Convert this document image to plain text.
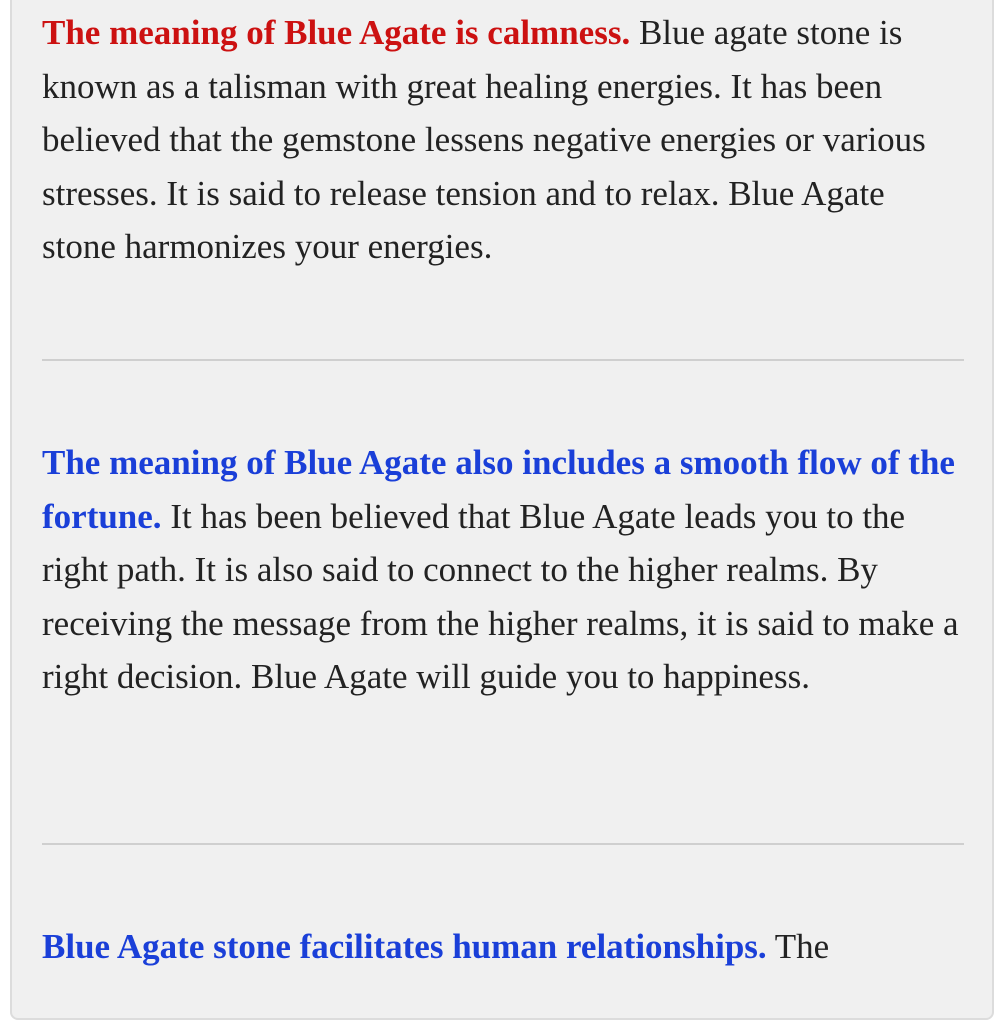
The meaning of Blue Agate is calmness. Blue agate stone is known as a talisman with great healing energies. It has been believed that the gemstone lessens negative energies or various stresses. It is said to release tension and to relax. Blue Agate stone harmonizes your energies.

The meaning of Blue Agate also includes a smooth flow of the fortune. It has been believed that Blue Agate leads you to the right path. It is also said to connect to the higher realms. By receiving the message from the higher realms, it is said to make a right decision. Blue Agate will guide you to happiness.

Blue Agate stone facilitates human relationships. The
